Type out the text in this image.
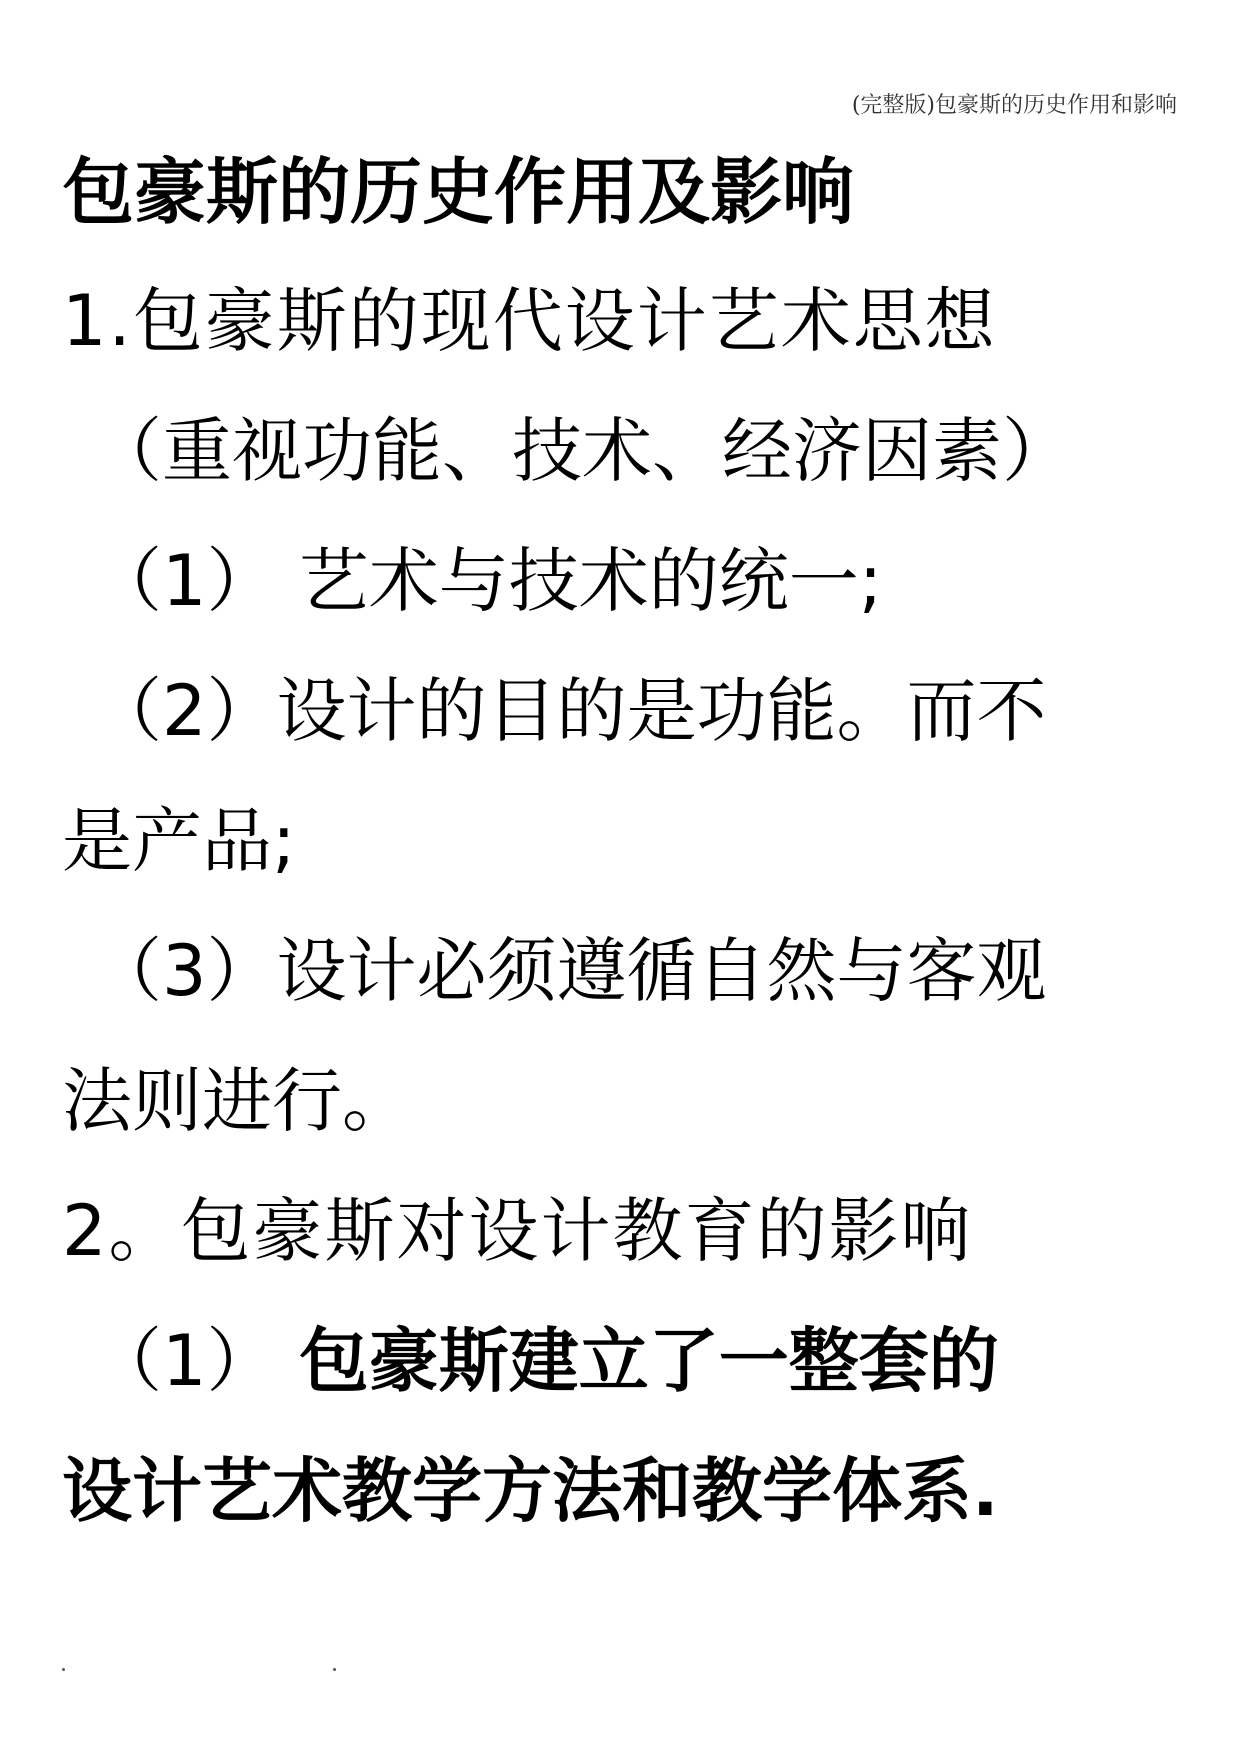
(完整版)包豪斯的历史作用和影响
包豪斯的历史作用及影响
1.包豪斯的现代设计艺术思想
（重视功能、技术、经济因素）
（1） 艺术与技术的统一;
（2）设计的目的是功能。而不
是产品;
（3）设计必须遵循自然与客观
法则进行。
2。包豪斯对设计教育的影响
（1） 包豪斯建立了一整套的
设计艺术教学方法和教学体系.
